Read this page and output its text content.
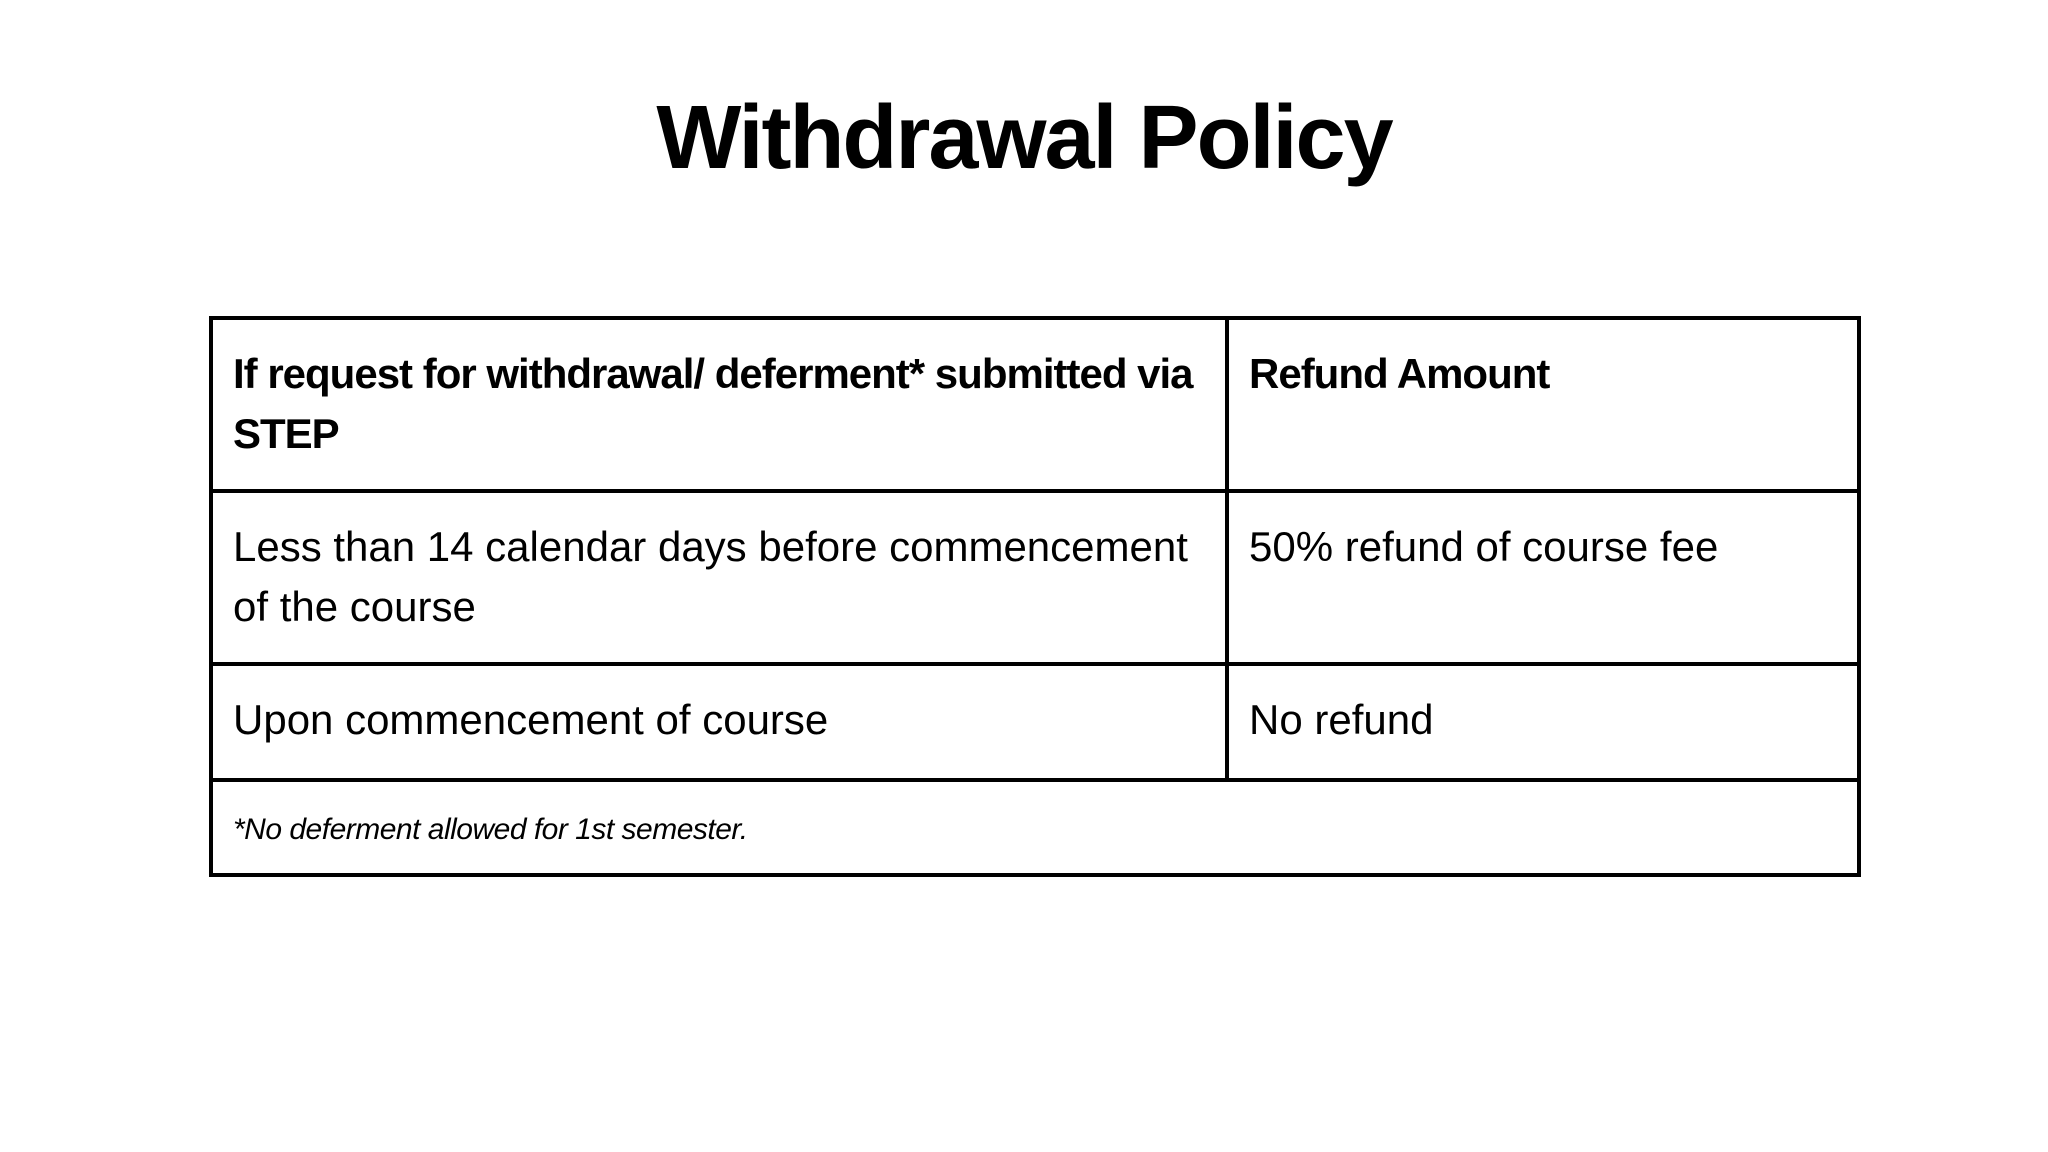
Withdrawal Policy
If request for withdrawal/ deferment* submitted via STEP	Refund Amount
Less than 14 calendar days before commencement of the course	50% refund of course fee
Upon commencement of course	No refund
*No deferment allowed for 1st semester.	
